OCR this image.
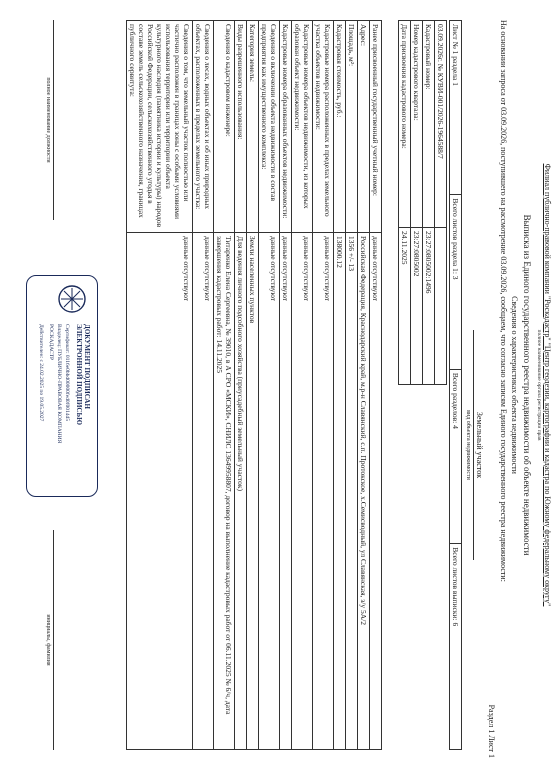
Филиал публично-правовой компании "Роскадастр" "Центр геодезии, картографии и кадастра по Южному федеральному округу"
полное наименование органа регистрации прав
Выписка из Единого государственного реестра недвижимости об объекте недвижимости
Сведения о характеристиках объекта недвижимости
На основании запроса от 03.09.2026, поступившего на рассмотрение 03.09.2026, сообщаем, что согласно записям Единого государственного реестра недвижимости:
Раздел 1 Лист 1
Земельный участок
вид объекта недвижимости
Лист № 1 раздела 1	Всего листов раздела 1: 3	Всего разделов: 4	Всего листов выписки: 6
03.09.2026г. № КУВИ-001/2026-1964588/7	
Кадастровый номер:	23:27:0805002:1496
Номер кадастрового квартала:	23:27:0805002
Дата присвоения кадастрового номера:	24.11.2025
Ранее присвоенный государственный учетный номер:	данные отсутствуют
Адрес:	Российская Федерация, Краснодарский край, м.р-н Славянский, с.п. Протокское, х.Семисводный, ул Славянская, з/у 5А/2
Площадь, м²:	1356 +/- 13
Кадастровая стоимость, руб.:	138000.12
Кадастровые номера расположенных в пределах земельного участка объектов недвижимости:	данные отсутствуют
Кадастровые номера объектов недвижимости, из которых образован объект недвижимости:	данные отсутствуют
Кадастровые номера образованных объектов недвижимости:	данные отсутствуют
Сведения о включении объекта недвижимости в состав предприятия как имущественного комплекса:	данные отсутствуют
Категория земель:	Земли населенных пунктов
Виды разрешенного использования:	Для ведения личного подсобного хозяйства (приусадебный земельный участок)
Сведения о кадастровом инженере:	Титаренко Елена Сергеевна, № 39010, в А СРО «МСКИ», СНИЛС 13649958807, договор на выполнение кадастровых работ от 06.11.2025 № 6/ч, дата завершения кадастровых работ: 14.11.2025
Сведения о лесах, водных объектах и об иных природных объектах, расположенных в пределах земельного участка:	данные отсутствуют
Сведения о том, что земельный участок полностью или частично расположен в границах зоны с особыми условиями использования территории или территории объекта культурного наследия (памятника истории и культуры) народов Российской Федерации, сельскохозяйственного угодья в составе земель сельскохозяйственного назначения, границах публичного сервитута:	данные отсутствуют
полное наименование должности
инициалы, фамилия
ДОКУМЕНТ ПОДПИСАН
ЭЛЕКТРОННОЙ ПОДПИСЬЮ
Сертификат: 0116e0bbd00000fed0f0014d5
Владелец: ПУБЛИЧНО-ПРАВОВАЯ КОМПАНИЯ
РОСКАДАСТР
Действителен: с 24.02.2025 по 19.05.2027
